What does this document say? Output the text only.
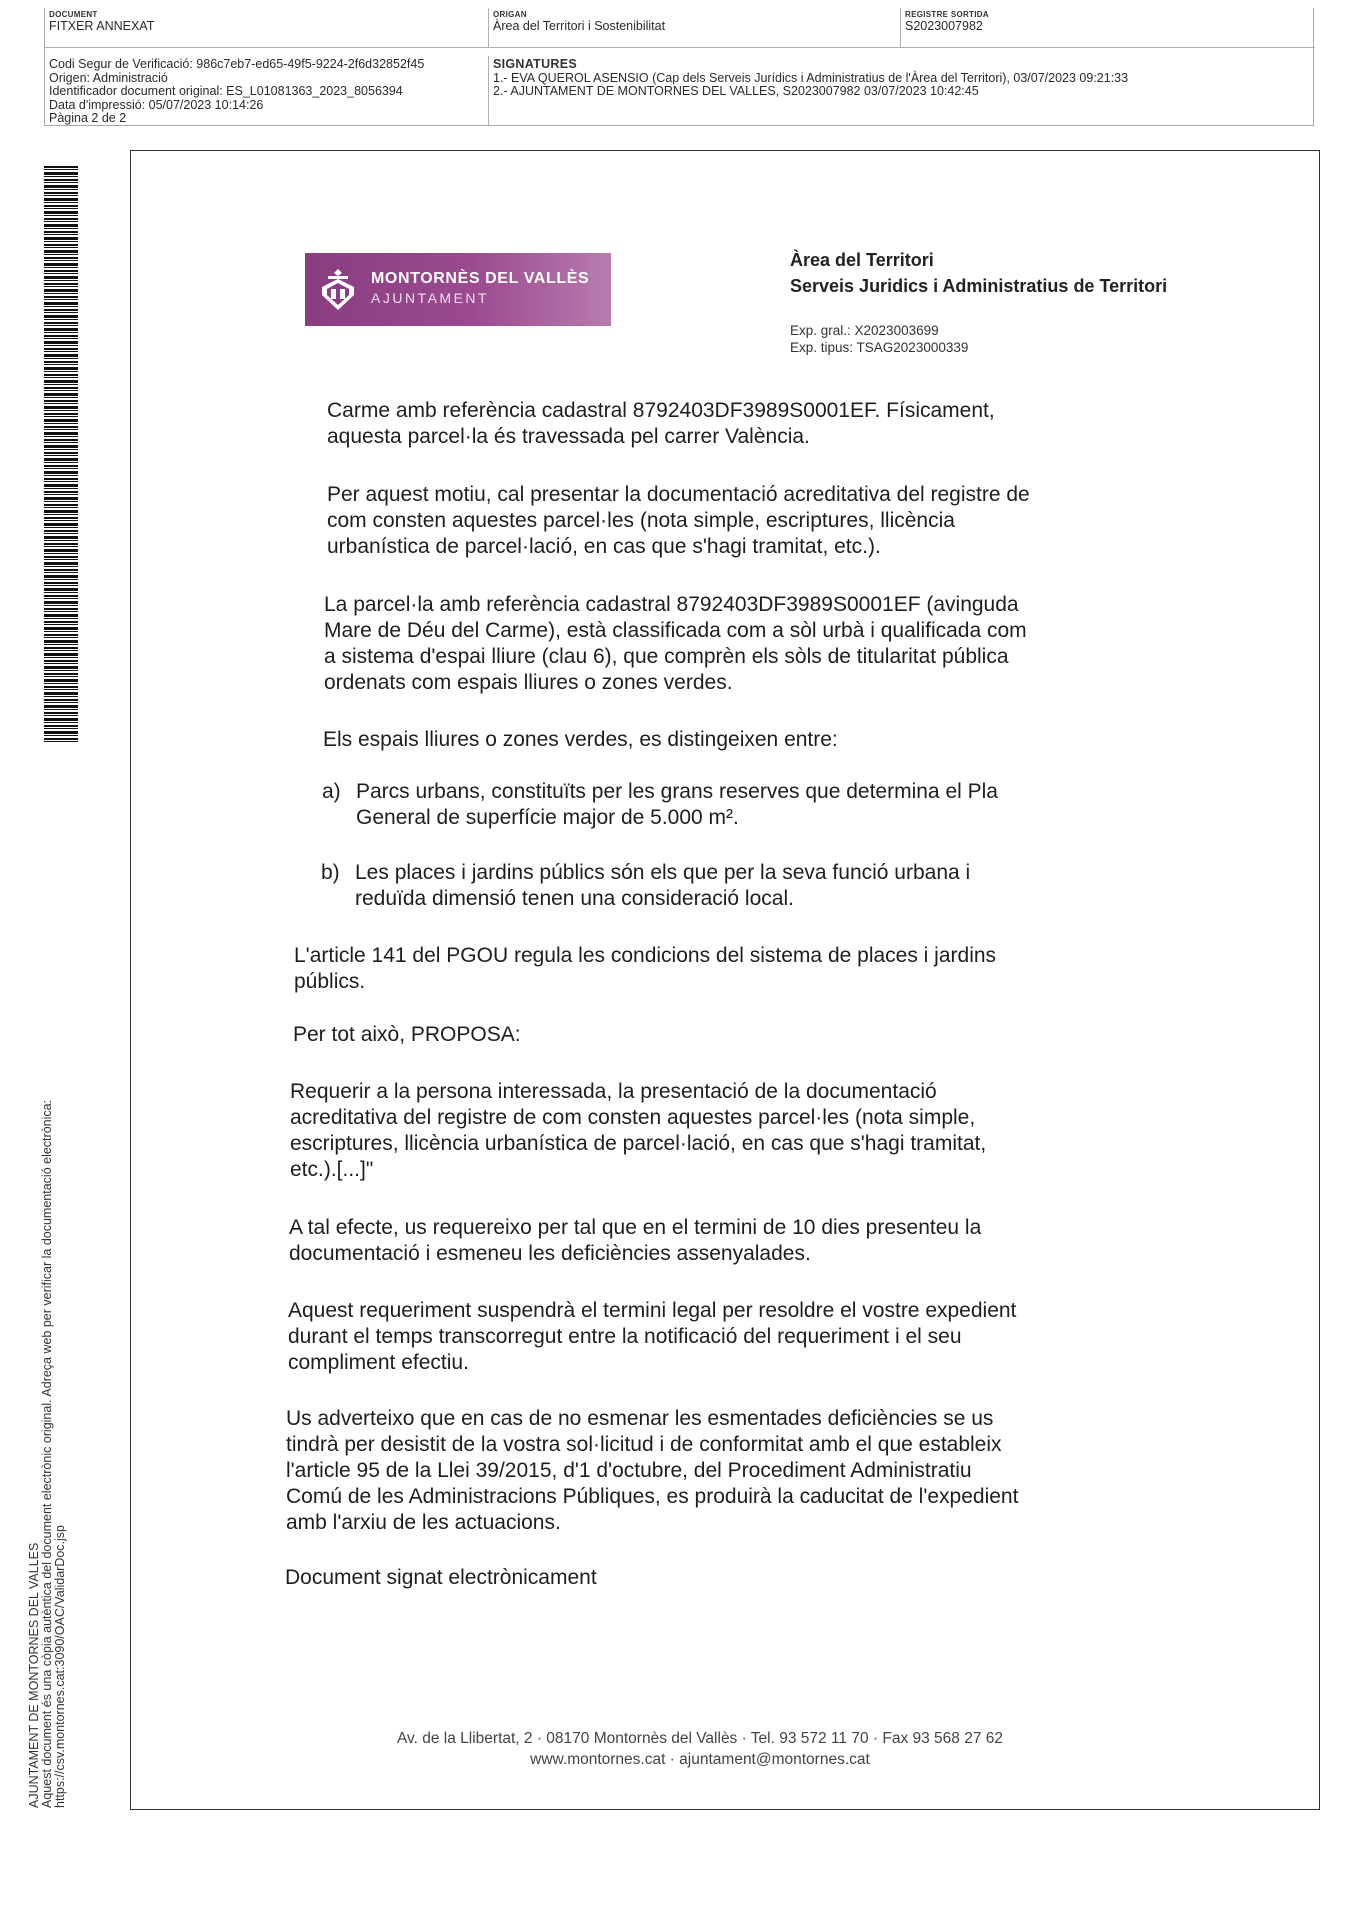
DOCUMENT
FITXER ANNEXAT
ORIGAN
Àrea del Territori i Sostenibilitat
REGISTRE SORTIDA
S2023007982
Codi Segur de Verificació: 986c7eb7-ed65-49f5-9224-2f6d32852f45
Origen: Administració
Identificador document original: ES_L01081363_2023_8056394
Data d'impressió: 05/07/2023 10:14:26
Pàgina 2 de 2
SIGNATURES
1.- EVA QUEROL ASENSIO (Cap dels Serveis Jurídics i Administratius de l'Àrea del Territori), 03/07/2023 09:21:33
2.- AJUNTAMENT DE MONTORNES DEL VALLES, S2023007982 03/07/2023 10:42:45
AJUNTAMENT DE MONTORNES DEL VALLES Aquest document és una còpia autèntica del document electrònic original. Adreça web per verificar la documentació electrònica: https://csv.montornes.cat:3090/OAC/ValidarDoc.jsp
MONTORNÈS DEL VALLÈS
AJUNTAMENT
Àrea del Territori
Serveis Juridics i Administratius de Territori
Exp. gral.: X2023003699
Exp. tipus: TSAG2023000339
Carme amb referència cadastral 8792403DF3989S0001EF. Físicament,
aquesta parcel·la és travessada pel carrer València.
Per aquest motiu, cal presentar la documentació acreditativa del registre de
com consten aquestes parcel·les (nota simple, escriptures, llicència
urbanística de parcel·lació, en cas que s'hagi tramitat, etc.).
La parcel·la amb referència cadastral 8792403DF3989S0001EF (avinguda
Mare de Déu del Carme), està classificada com a sòl urbà i qualificada com
a sistema d'espai lliure (clau 6), que comprèn els sòls de titularitat pública
ordenats com espais lliures o zones verdes.
Els espais lliures o zones verdes, es distingeixen entre:
a) Parcs urbans, constituïts per les grans reserves que determina el Pla
General de superfície major de 5.000 m².
b) Les places i jardins públics són els que per la seva funció urbana i
reduïda dimensió tenen una consideració local.
L'article 141 del PGOU regula les condicions del sistema de places i jardins
públics.
Per tot això, PROPOSA:
Requerir a la persona interessada, la presentació de la documentació
acreditativa del registre de com consten aquestes parcel·les (nota simple,
escriptures, llicència urbanística de parcel·lació, en cas que s'hagi tramitat,
etc.).[...]"
A tal efecte, us requereixo per tal que en el termini de 10 dies presenteu la
documentació i esmeneu les deficiències assenyalades.
Aquest requeriment suspendrà el termini legal per resoldre el vostre expedient
durant el temps transcorregut entre la notificació del requeriment i el seu
compliment efectiu.
Us adverteixo que en cas de no esmenar les esmentades deficiències se us
tindrà per desistit de la vostra sol·licitud i de conformitat amb el que estableix
l'article 95 de la Llei 39/2015, d'1 d'octubre, del Procediment Administratiu
Comú de les Administracions Públiques, es produirà la caducitat de l'expedient
amb l'arxiu de les actuacions.
Document signat electrònicament
Av. de la Llibertat, 2 · 08170 Montornès del Vallès · Tel. 93 572 11 70 · Fax 93 568 27 62
www.montornes.cat · ajuntament@montornes.cat
